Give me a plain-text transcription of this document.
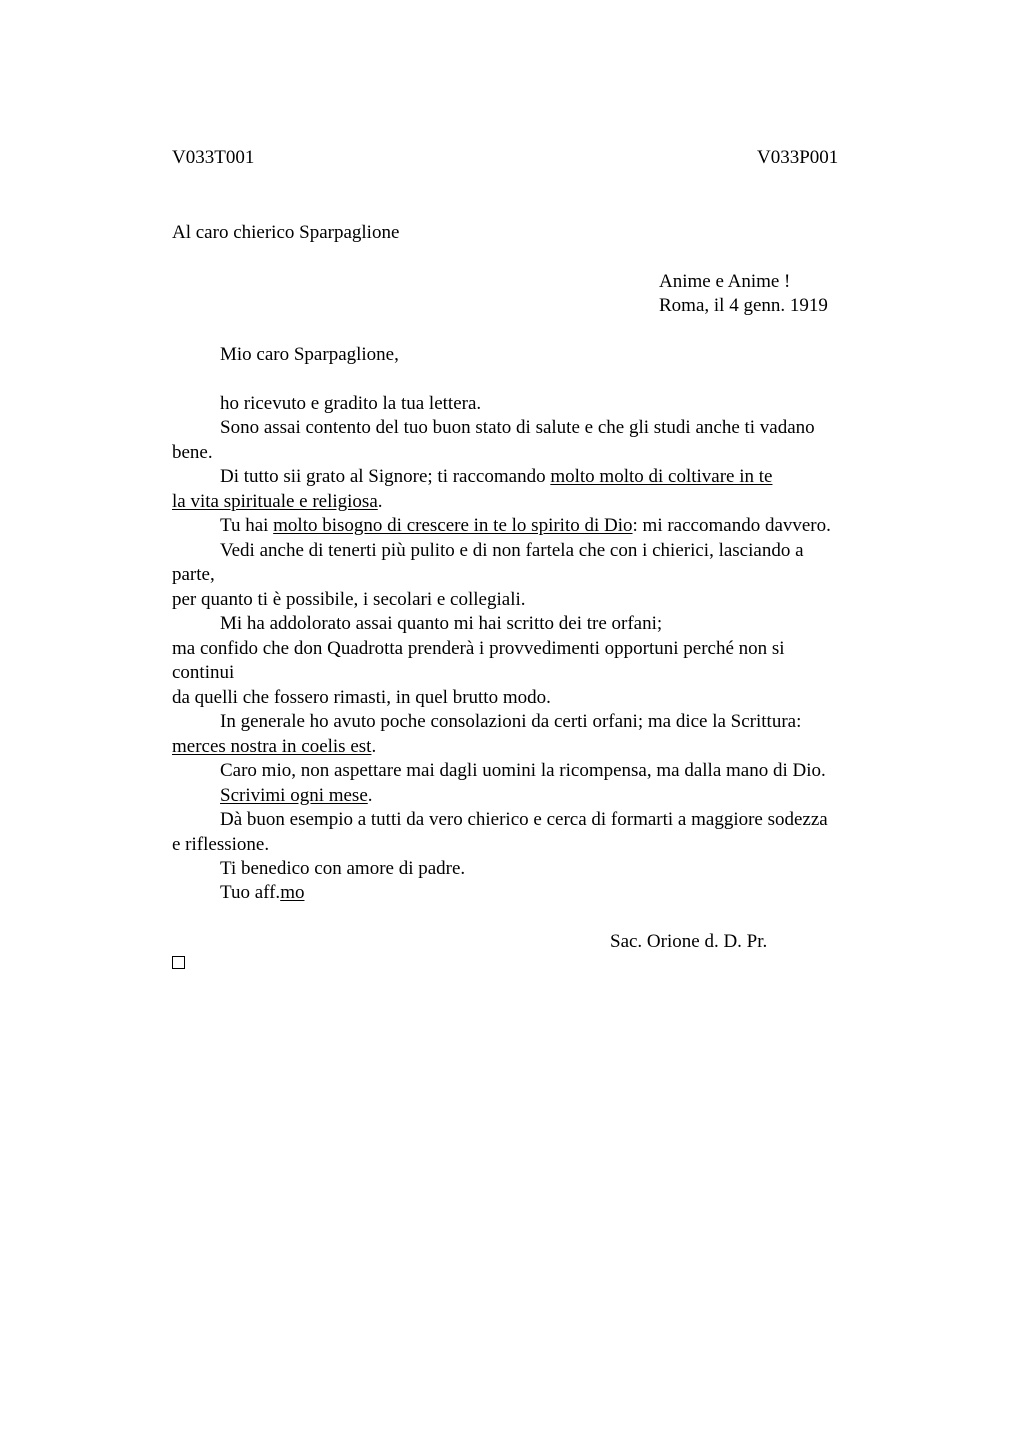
V033T001	V033P001
Al caro chierico Sparpaglione
Anime e Anime !
Roma, il 4 genn. 1919
Mio caro Sparpaglione,
ho ricevuto e gradito la tua lettera.
Sono assai contento del tuo buon stato di salute e che gli studi anche ti vadano
bene.
Di tutto sii grato al Signore; ti raccomando molto molto di coltivare in te
la vita spirituale e religiosa.
Tu hai molto bisogno di crescere in te lo spirito di Dio: mi raccomando davvero.
Vedi anche di tenerti più pulito e di non fartela che con i chierici, lasciando a
parte,
per quanto ti è possibile, i secolari e collegiali.
Mi ha addolorato assai quanto mi hai scritto dei tre orfani;
ma confido che don Quadrotta prenderà i provvedimenti opportuni perché non si
continui
da quelli che fossero rimasti, in quel brutto modo.
In generale ho avuto poche consolazioni da certi orfani; ma dice la Scrittura:
merces nostra in coelis est.
Caro mio, non aspettare mai dagli uomini la ricompensa, ma dalla mano di Dio.
Scrivimi ogni mese.
Dà buon esempio a tutti da vero chierico e cerca di formarti a maggiore sodezza
e riflessione.
Ti benedico con amore di padre.
Tuo aff.mo
Sac. Orione d. D. Pr.
